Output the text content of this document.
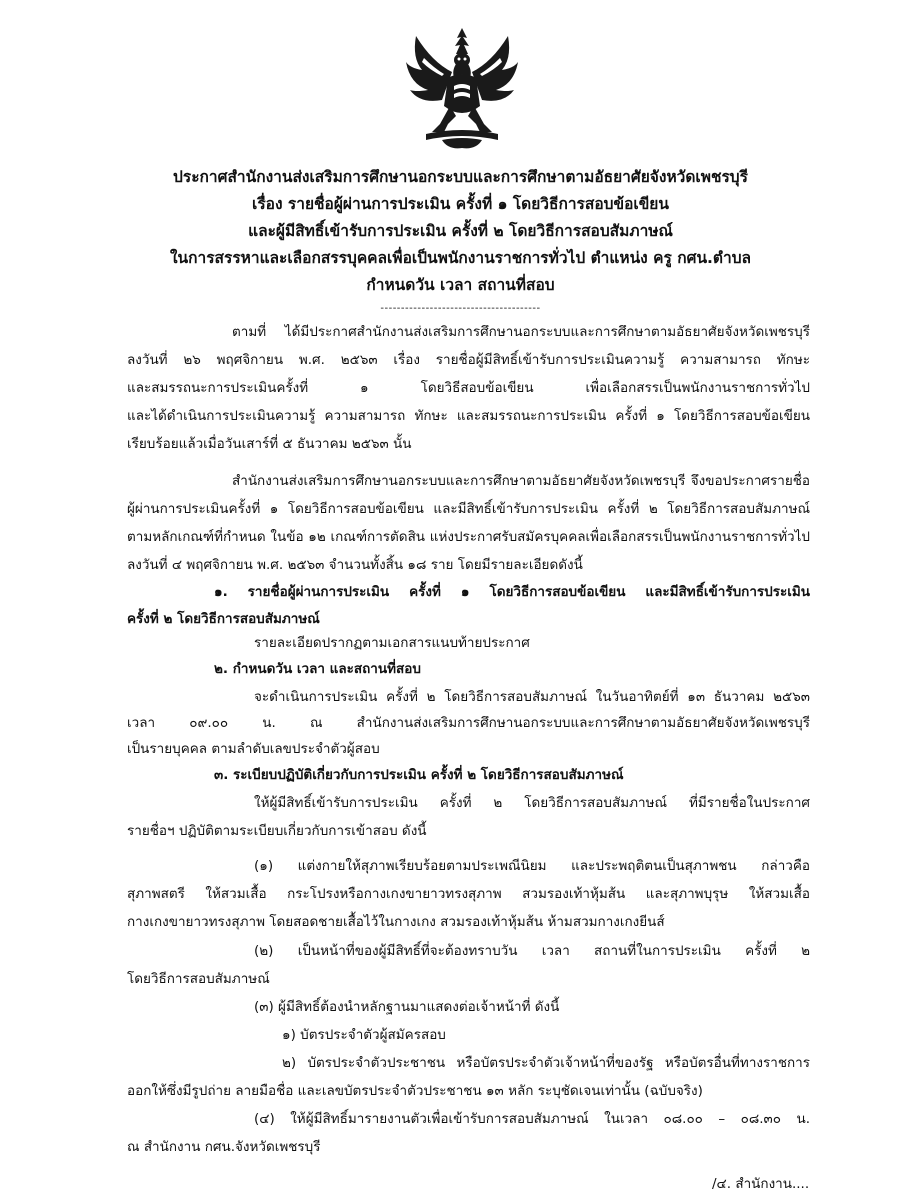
ประกาศสำนักงานส่งเสริมการศึกษานอกระบบและการศึกษาตามอัธยาศัยจังหวัดเพชรบุรี
เรื่อง รายชื่อผู้ผ่านการประเมิน ครั้งที่ ๑ โดยวิธีการสอบข้อเขียน
และผู้มีสิทธิ์เข้ารับการประเมิน ครั้งที่ ๒ โดยวิธีการสอบสัมภาษณ์
ในการสรรหาและเลือกสรรบุคคลเพื่อเป็นพนักงานราชการทั่วไป ตำแหน่ง ครู กศน.ตำบล
กำหนดวัน เวลา สถานที่สอบ
---------------------------------------
ตามที่ ได้มีประกาศสำนักงานส่งเสริมการศึกษานอกระบบและการศึกษาตามอัธยาศัยจังหวัดเพชรบุรี
ลงวันที่ ๒๖ พฤศจิกายน พ.ศ. ๒๕๖๓ เรื่อง รายชื่อผู้มีสิทธิ์เข้ารับการประเมินความรู้ ความสามารถ ทักษะ
และสมรรถนะการประเมินครั้งที่ ๑ โดยวิธีสอบข้อเขียน เพื่อเลือกสรรเป็นพนักงานราชการทั่วไป
และได้ดำเนินการประเมินความรู้ ความสามารถ ทักษะ และสมรรถนะการประเมิน ครั้งที่ ๑ โดยวิธีการสอบข้อเขียน
เรียบร้อยแล้วเมื่อวันเสาร์ที่ ๕ ธันวาคม ๒๕๖๓ นั้น
สำนักงานส่งเสริมการศึกษานอกระบบและการศึกษาตามอัธยาศัยจังหวัดเพชรบุรี จึงขอประกาศรายชื่อ
ผู้ผ่านการประเมินครั้งที่ ๑ โดยวิธีการสอบข้อเขียน และมีสิทธิ์เข้ารับการประเมิน ครั้งที่ ๒ โดยวิธีการสอบสัมภาษณ์
ตามหลักเกณฑ์ที่กำหนด ในข้อ ๑๒ เกณฑ์การตัดสิน แห่งประกาศรับสมัครบุคคลเพื่อเลือกสรรเป็นพนักงานราชการทั่วไป
ลงวันที่ ๔ พฤศจิกายน พ.ศ. ๒๕๖๓ จำนวนทั้งสิ้น ๑๘ ราย โดยมีรายละเอียดดังนี้
๑. รายชื่อผู้ผ่านการประเมิน ครั้งที่ ๑ โดยวิธีการสอบข้อเขียน และมีสิทธิ์เข้ารับการประเมิน
ครั้งที่ ๒ โดยวิธีการสอบสัมภาษณ์
รายละเอียดปรากฏตามเอกสารแนบท้ายประกาศ
๒. กำหนดวัน เวลา และสถานที่สอบ
จะดำเนินการประเมิน ครั้งที่ ๒ โดยวิธีการสอบสัมภาษณ์ ในวันอาทิตย์ที่ ๑๓ ธันวาคม ๒๕๖๓
เวลา ๐๙.๐๐ น. ณ สำนักงานส่งเสริมการศึกษานอกระบบและการศึกษาตามอัธยาศัยจังหวัดเพชรบุรี
เป็นรายบุคคล ตามลำดับเลขประจำตัวผู้สอบ
๓. ระเบียบปฏิบัติเกี่ยวกับการประเมิน ครั้งที่ ๒ โดยวิธีการสอบสัมภาษณ์
ให้ผู้มีสิทธิ์เข้ารับการประเมิน ครั้งที่ ๒ โดยวิธีการสอบสัมภาษณ์ ที่มีรายชื่อในประกาศ
รายชื่อฯ ปฏิบัติตามระเบียบเกี่ยวกับการเข้าสอบ ดังนี้
(๑) แต่งกายให้สุภาพเรียบร้อยตามประเพณีนิยม และประพฤติตนเป็นสุภาพชน กล่าวคือ
สุภาพสตรี ให้สวมเสื้อ กระโปรงหรือกางเกงขายาวทรงสุภาพ สวมรองเท้าหุ้มส้น และสุภาพบุรุษ ให้สวมเสื้อ
กางเกงขายาวทรงสุภาพ โดยสอดชายเสื้อไว้ในกางเกง สวมรองเท้าหุ้มส้น ห้ามสวมกางเกงยีนส์
(๒) เป็นหน้าที่ของผู้มีสิทธิ์ที่จะต้องทราบวัน เวลา สถานที่ในการประเมิน ครั้งที่ ๒
โดยวิธีการสอบสัมภาษณ์
(๓) ผู้มีสิทธิ์ต้องนำหลักฐานมาแสดงต่อเจ้าหน้าที่ ดังนี้
๑) บัตรประจำตัวผู้สมัครสอบ
๒) บัตรประจำตัวประชาชน หรือบัตรประจำตัวเจ้าหน้าที่ของรัฐ หรือบัตรอื่นที่ทางราชการ
ออกให้ซึ่งมีรูปถ่าย ลายมือชื่อ และเลขบัตรประจำตัวประชาชน ๑๓ หลัก ระบุชัดเจนเท่านั้น (ฉบับจริง)
(๔) ให้ผู้มีสิทธิ์มารายงานตัวเพื่อเข้ารับการสอบสัมภาษณ์ ในเวลา ๐๘.๐๐ – ๐๘.๓๐ น.
ณ สำนักงาน กศน.จังหวัดเพชรบุรี
/๔. สำนักงาน....
